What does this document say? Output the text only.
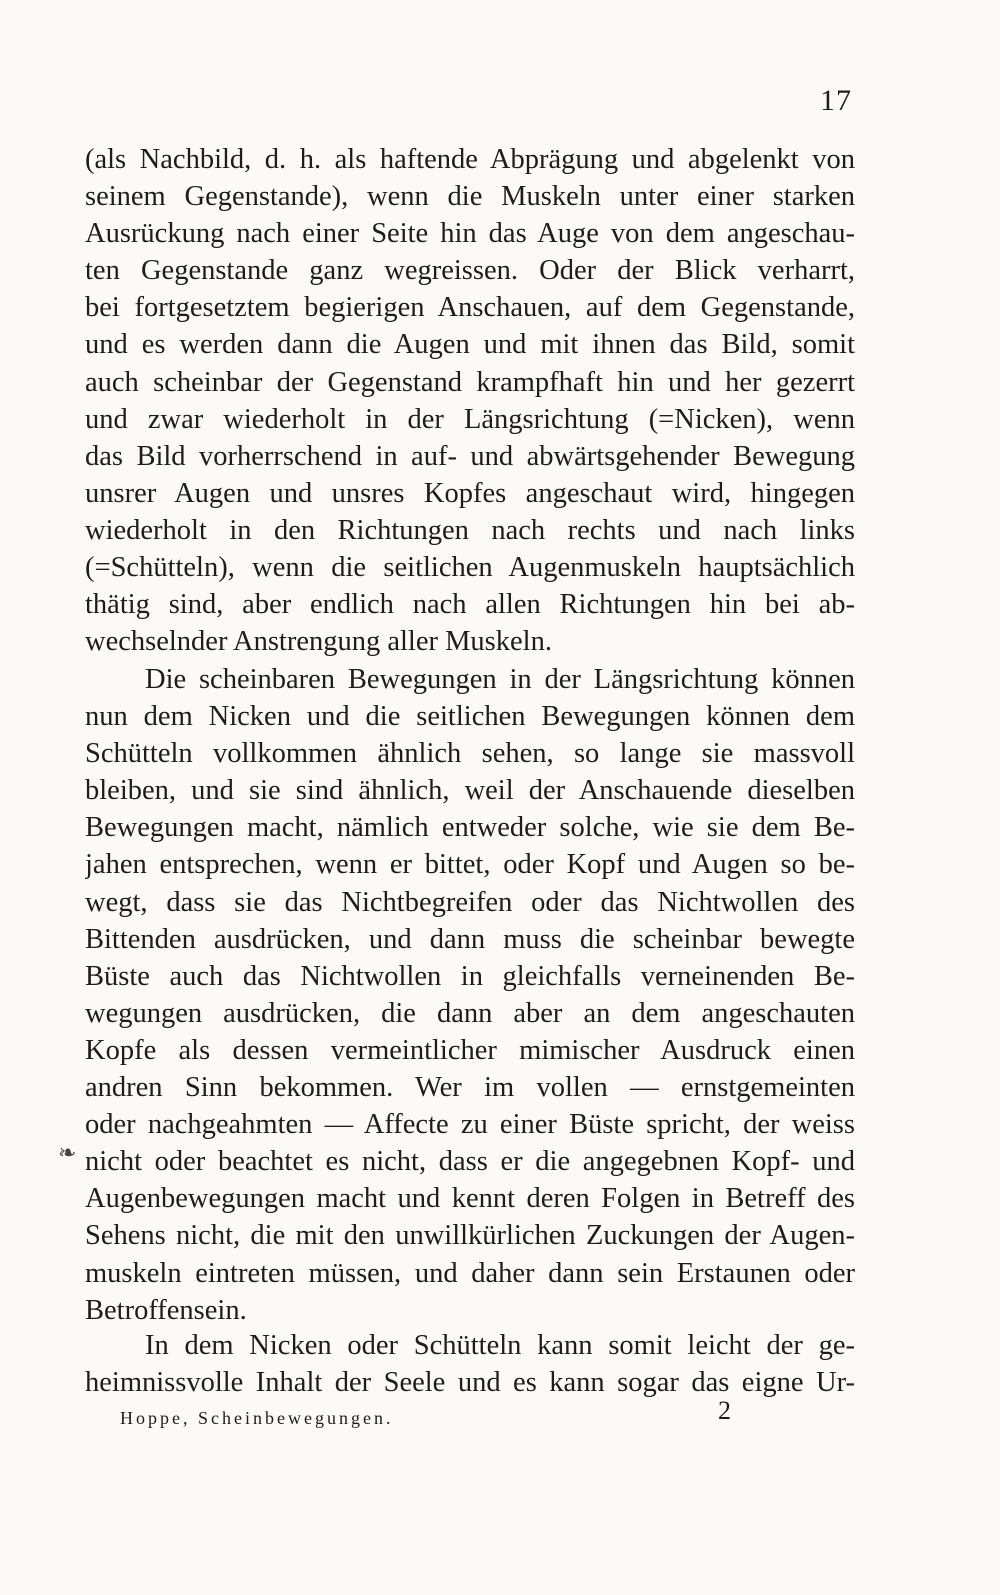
17
(als Nachbild, d. h. als haftende Abprägung und abgelenkt von
seinem Gegenstande), wenn die Muskeln unter einer starken
Ausrückung nach einer Seite hin das Auge von dem angeschau-
ten Gegenstande ganz wegreissen. Oder der Blick verharrt,
bei fortgesetztem begierigen Anschauen, auf dem Gegenstande,
und es werden dann die Augen und mit ihnen das Bild, somit
auch scheinbar der Gegenstand krampfhaft hin und her gezerrt
und zwar wiederholt in der Längsrichtung (=Nicken), wenn
das Bild vorherrschend in auf- und abwärtsgehender Bewegung
unsrer Augen und unsres Kopfes angeschaut wird, hingegen
wiederholt in den Richtungen nach rechts und nach links
(=Schütteln), wenn die seitlichen Augenmuskeln hauptsächlich
thätig sind, aber endlich nach allen Richtungen hin bei ab-
wechselnder Anstrengung aller Muskeln.
Die scheinbaren Bewegungen in der Längsrichtung können
nun dem Nicken und die seitlichen Bewegungen können dem
Schütteln vollkommen ähnlich sehen, so lange sie massvoll
bleiben, und sie sind ähnlich, weil der Anschauende dieselben
Bewegungen macht, nämlich entweder solche, wie sie dem Be-
jahen entsprechen, wenn er bittet, oder Kopf und Augen so be-
wegt, dass sie das Nichtbegreifen oder das Nichtwollen des
Bittenden ausdrücken, und dann muss die scheinbar bewegte
Büste auch das Nichtwollen in gleichfalls verneinenden Be-
wegungen ausdrücken, die dann aber an dem angeschauten
Kopfe als dessen vermeintlicher mimischer Ausdruck einen
andren Sinn bekommen. Wer im vollen — ernstgemeinten
oder nachgeahmten — Affecte zu einer Büste spricht, der weiss
nicht oder beachtet es nicht, dass er die angegebnen Kopf- und
Augenbewegungen macht und kennt deren Folgen in Betreff des
Sehens nicht, die mit den unwillkürlichen Zuckungen der Augen-
muskeln eintreten müssen, und daher dann sein Erstaunen oder
Betroffensein.
In dem Nicken oder Schütteln kann somit leicht der ge-
heimnissvolle Inhalt der Seele und es kann sogar das eigne Ur-
❧
Hoppe, Scheinbewegungen.	2
